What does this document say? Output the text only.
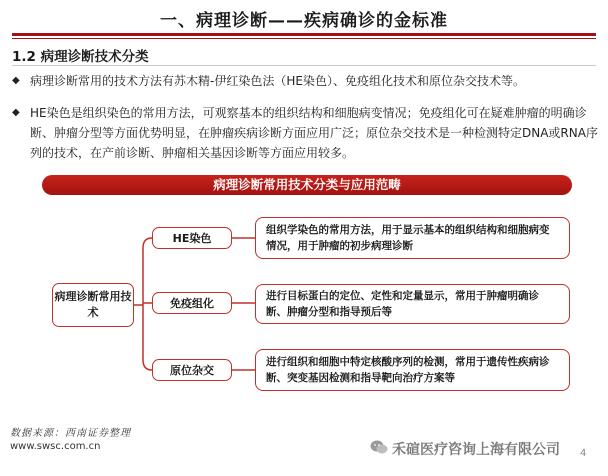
一、病理诊断——疾病确诊的金标准
1.2 病理诊断技术分类
◆ 病理诊断常用的技术方法有苏木精-伊红染色法（HE染色）、免疫组化技术和原位杂交技术等。
◆ HE染色是组织染色的常用方法，可观察基本的组织结构和细胞病变情况；免疫组化可在疑难肿瘤的明确诊断、肿瘤分型等方面优势明显，在肿瘤疾病诊断方面应用广泛；原位杂交技术是一种检测特定DNA或RNA序列的技术，在产前诊断、肿瘤相关基因诊断等方面应用较多。
病理诊断常用技术分类与应用范畴
病理诊断常用技术
HE染色
免疫组化
原位杂交
组织学染色的常用方法，用于显示基本的组织结构和细胞病变情况，用于肿瘤的初步病理诊断
进行目标蛋白的定位、定性和定量显示，常用于肿瘤明确诊断、肿瘤分型和指导预后等
进行组织和细胞中特定核酸序列的检测，常用于遗传性疾病诊断、突变基因检测和指导靶向治疗方案等
数据来源：西南证券整理
www.swsc.com.cn	禾碹医疗咨询上海有限公司 4
